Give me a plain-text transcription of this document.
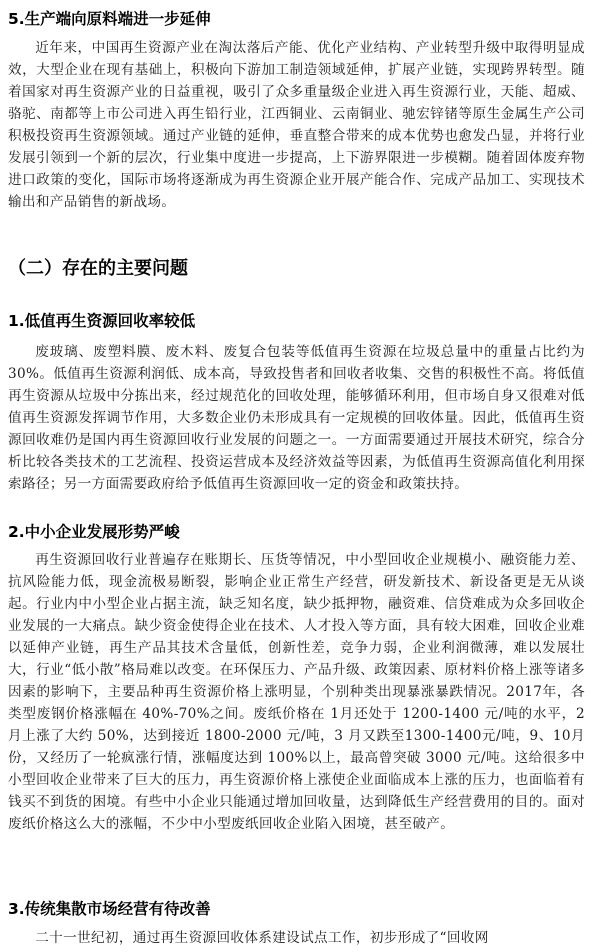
5.生产端向原料端进一步延伸

近年来，中国再生资源产业在淘汰落后产能、优化产业结构、产业转型升级中取得明显成效，大型企业在现有基础上，积极向下游加工制造领域延伸，扩展产业链，实现跨界转型。随着国家对再生资源产业的日益重视，吸引了众多重量级企业进入再生资源行业，天能、超威、骆驼、南都等上市公司进入再生铅行业，江西铜业、云南铜业、驰宏锌锗等原生金属生产公司积极投资再生资源领域。通过产业链的延伸，垂直整合带来的成本优势也愈发凸显，并将行业发展引领到一个新的层次，行业集中度进一步提高，上下游界限进一步模糊。随着固体废弃物进口政策的变化，国际市场将逐渐成为再生资源企业开展产能合作、完成产品加工、实现技术输出和产品销售的新战场。

（二）存在的主要问题
1.低值再生资源回收率较低

废玻璃、废塑料膜、废木料、废复合包装等低值再生资源在垃圾总量中的重量占比约为30%。低值再生资源利润低、成本高，导致投售者和回收者收集、交售的积极性不高。将低值再生资源从垃圾中分拣出来，经过规范化的回收处理，能够循环利用，但市场自身又很难对低值再生资源发挥调节作用，大多数企业仍未形成具有一定规模的回收体量。因此，低值再生资源回收难仍是国内再生资源回收行业发展的问题之一。一方面需要通过开展技术研究，综合分析比较各类技术的工艺流程、投资运营成本及经济效益等因素，为低值再生资源高值化利用探索路径；另一方面需要政府给予低值再生资源回收一定的资金和政策扶持。

2.中小企业发展形势严峻

再生资源回收行业普遍存在账期长、压货等情况，中小型回收企业规模小、融资能力差、抗风险能力低，现金流极易断裂，影响企业正常生产经营，研发新技术、新设备更是无从谈起。行业内中小型企业占据主流，缺乏知名度，缺少抵押物，融资难、信贷难成为众多回收企业发展的一大痛点。缺少资金使得企业在技术、人才投入等方面，具有较大困难，回收企业难以延伸产业链，再生产品其技术含量低，创新性差，竞争力弱，企业利润微薄，难以发展壮大，行业“低小散”格局难以改变。在环保压力、产品升级、政策因素、原材料价格上涨等诸多因素的影响下，主要品种再生资源价格上涨明显，个别种类出现暴涨暴跌情况。2017年，各类型废钢价格涨幅在 40%-70%之间。废纸价格在 1月还处于 1200-1400 元/吨的水平，2 月上涨了大约 50%，达到接近 1800-2000 元/吨，3 月又跌至1300-1400元/吨，9、10月份，又经历了一轮疯涨行情，涨幅度达到 100%以上，最高曾突破 3000 元/吨。这给很多中小型回收企业带来了巨大的压力，再生资源价格上涨使企业面临成本上涨的压力，也面临着有钱买不到货的困境。有些中小企业只能通过增加回收量，达到降低生产经营费用的目的。面对废纸价格这么大的涨幅，不少中小型废纸回收企业陷入困境，甚至破产。

3.传统集散市场经营有待改善

二十一世纪初，通过再生资源回收体系建设试点工作，初步形成了“回收网
